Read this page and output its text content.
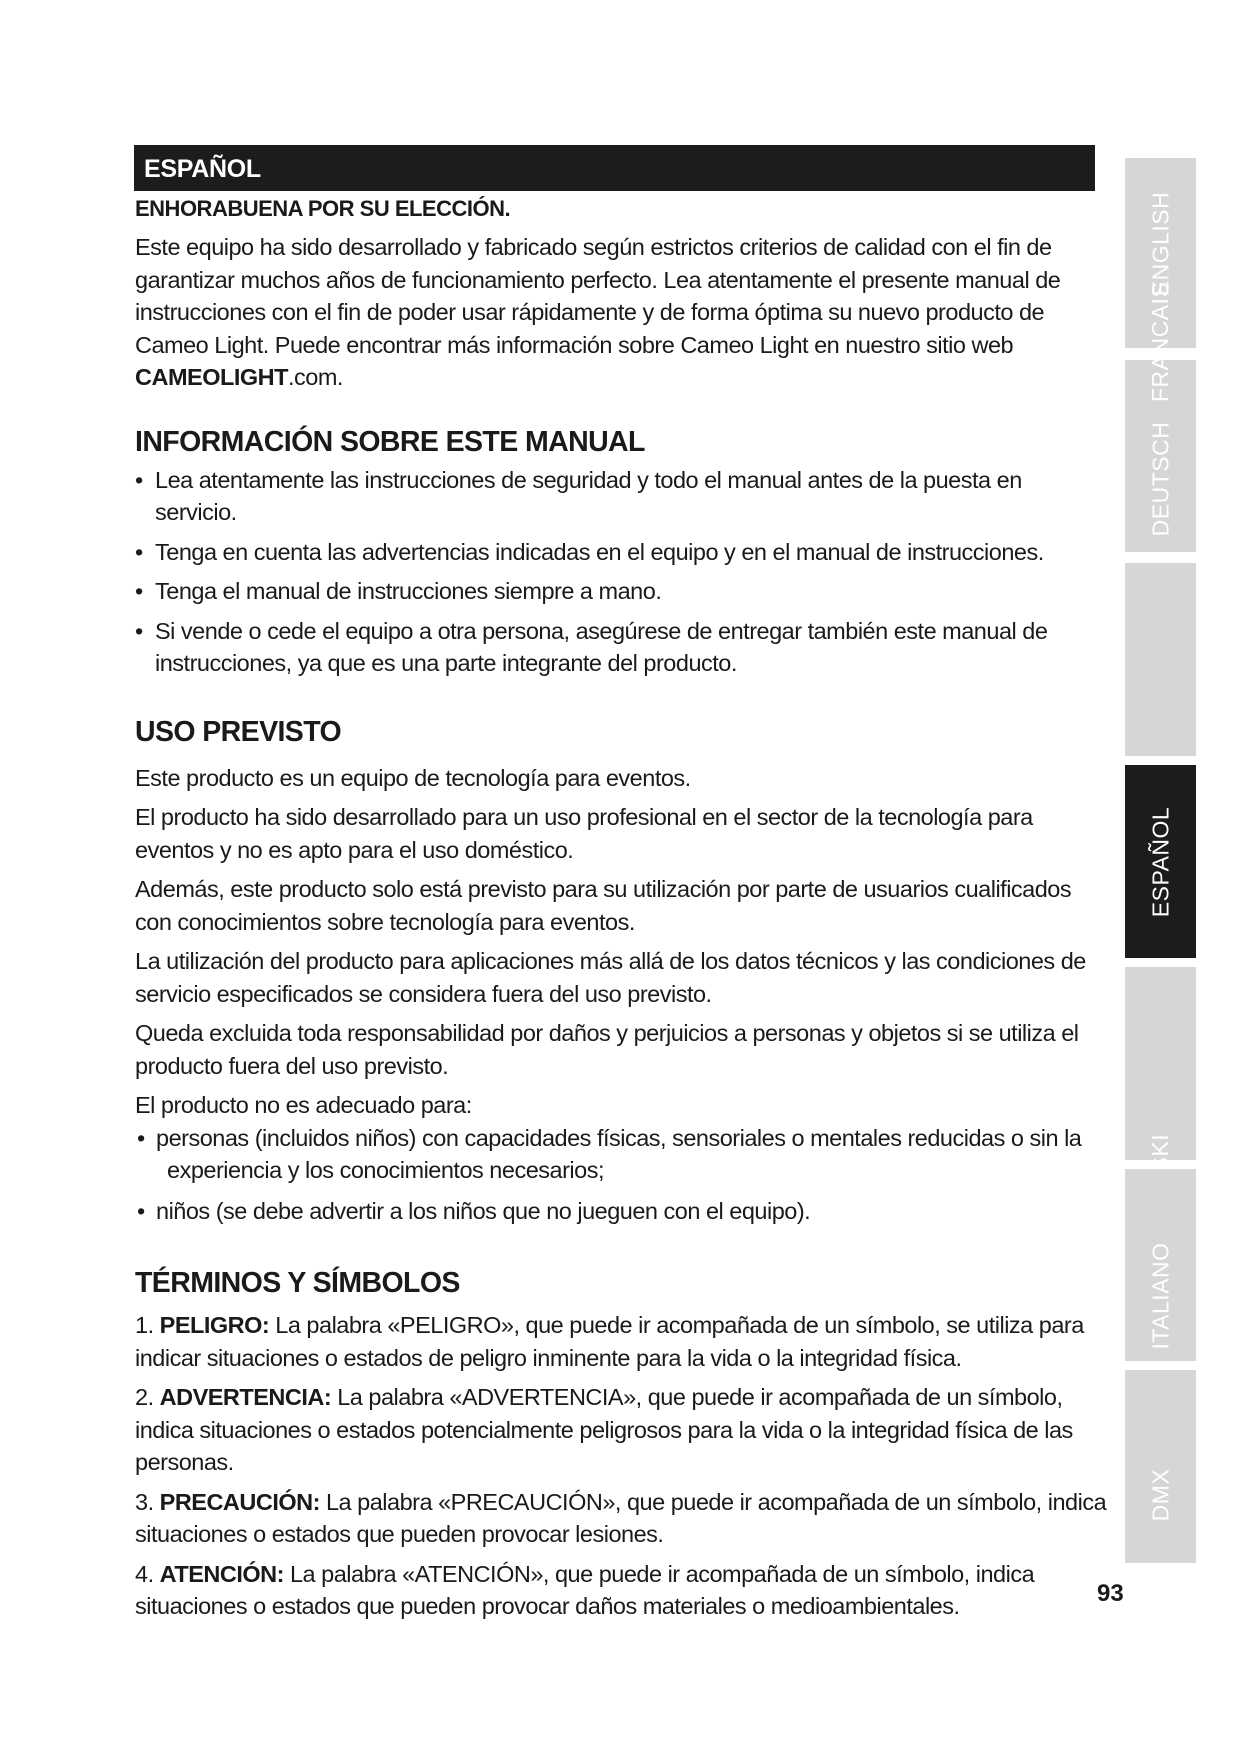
ESPAÑOL

ENHORABUENA POR SU ELECCIÓN.

Este equipo ha sido desarrollado y fabricado según estrictos criterios de calidad con el fin de garantizar muchos años de funcionamiento perfecto. Lea atentamente el presente manual de instrucciones con el fin de poder usar rápidamente y de forma óptima su nuevo producto de Cameo Light. Puede encontrar más información sobre Cameo Light en nuestro sitio web CAMEOLIGHT.com.

INFORMACIÓN SOBRE ESTE MANUAL
• Lea atentamente las instrucciones de seguridad y todo el manual antes de la puesta en servicio.
• Tenga en cuenta las advertencias indicadas en el equipo y en el manual de instrucciones.
• Tenga el manual de instrucciones siempre a mano.
• Si vende o cede el equipo a otra persona, asegúrese de entregar también este manual de instrucciones, ya que es una parte integrante del producto.
USO PREVISTO

Este producto es un equipo de tecnología para eventos.

El producto ha sido desarrollado para un uso profesional en el sector de la tecnología para eventos y no es apto para el uso doméstico.

Además, este producto solo está previsto para su utilización por parte de usuarios cualificados con conocimientos sobre tecnología para eventos.

La utilización del producto para aplicaciones más allá de los datos técnicos y las condiciones de servicio especificados se considera fuera del uso previsto.

Queda excluida toda responsabilidad por daños y perjuicios a personas y objetos si se utiliza el producto fuera del uso previsto.

El producto no es adecuado para:

• personas (incluidos niños) con capacidades físicas, sensoriales o mentales reducidas o sin la experiencia y los conocimientos necesarios;
• niños (se debe advertir a los niños que no jueguen con el equipo).
TÉRMINOS Y SÍMBOLOS

1. PELIGRO: La palabra «PELIGRO», que puede ir acompañada de un símbolo, se utiliza para indicar situaciones o estados de peligro inminente para la vida o la integridad física.

2. ADVERTENCIA: La palabra «ADVERTENCIA», que puede ir acompañada de un símbolo, indica situaciones o estados potencialmente peligrosos para la vida o la integridad física de las personas.

3. PRECAUCIÓN: La palabra «PRECAUCIÓN», que puede ir acompañada de un símbolo, indica situaciones o estados que pueden provocar lesiones.

4. ATENCIÓN: La palabra «ATENCIÓN», que puede ir acompañada de un símbolo, indica situaciones o estados que pueden provocar daños materiales o medioambientales.

ENGLISH
DEUTSCH
FRANCAIS
ESPAÑOL
ITALIANO
DMX
93
